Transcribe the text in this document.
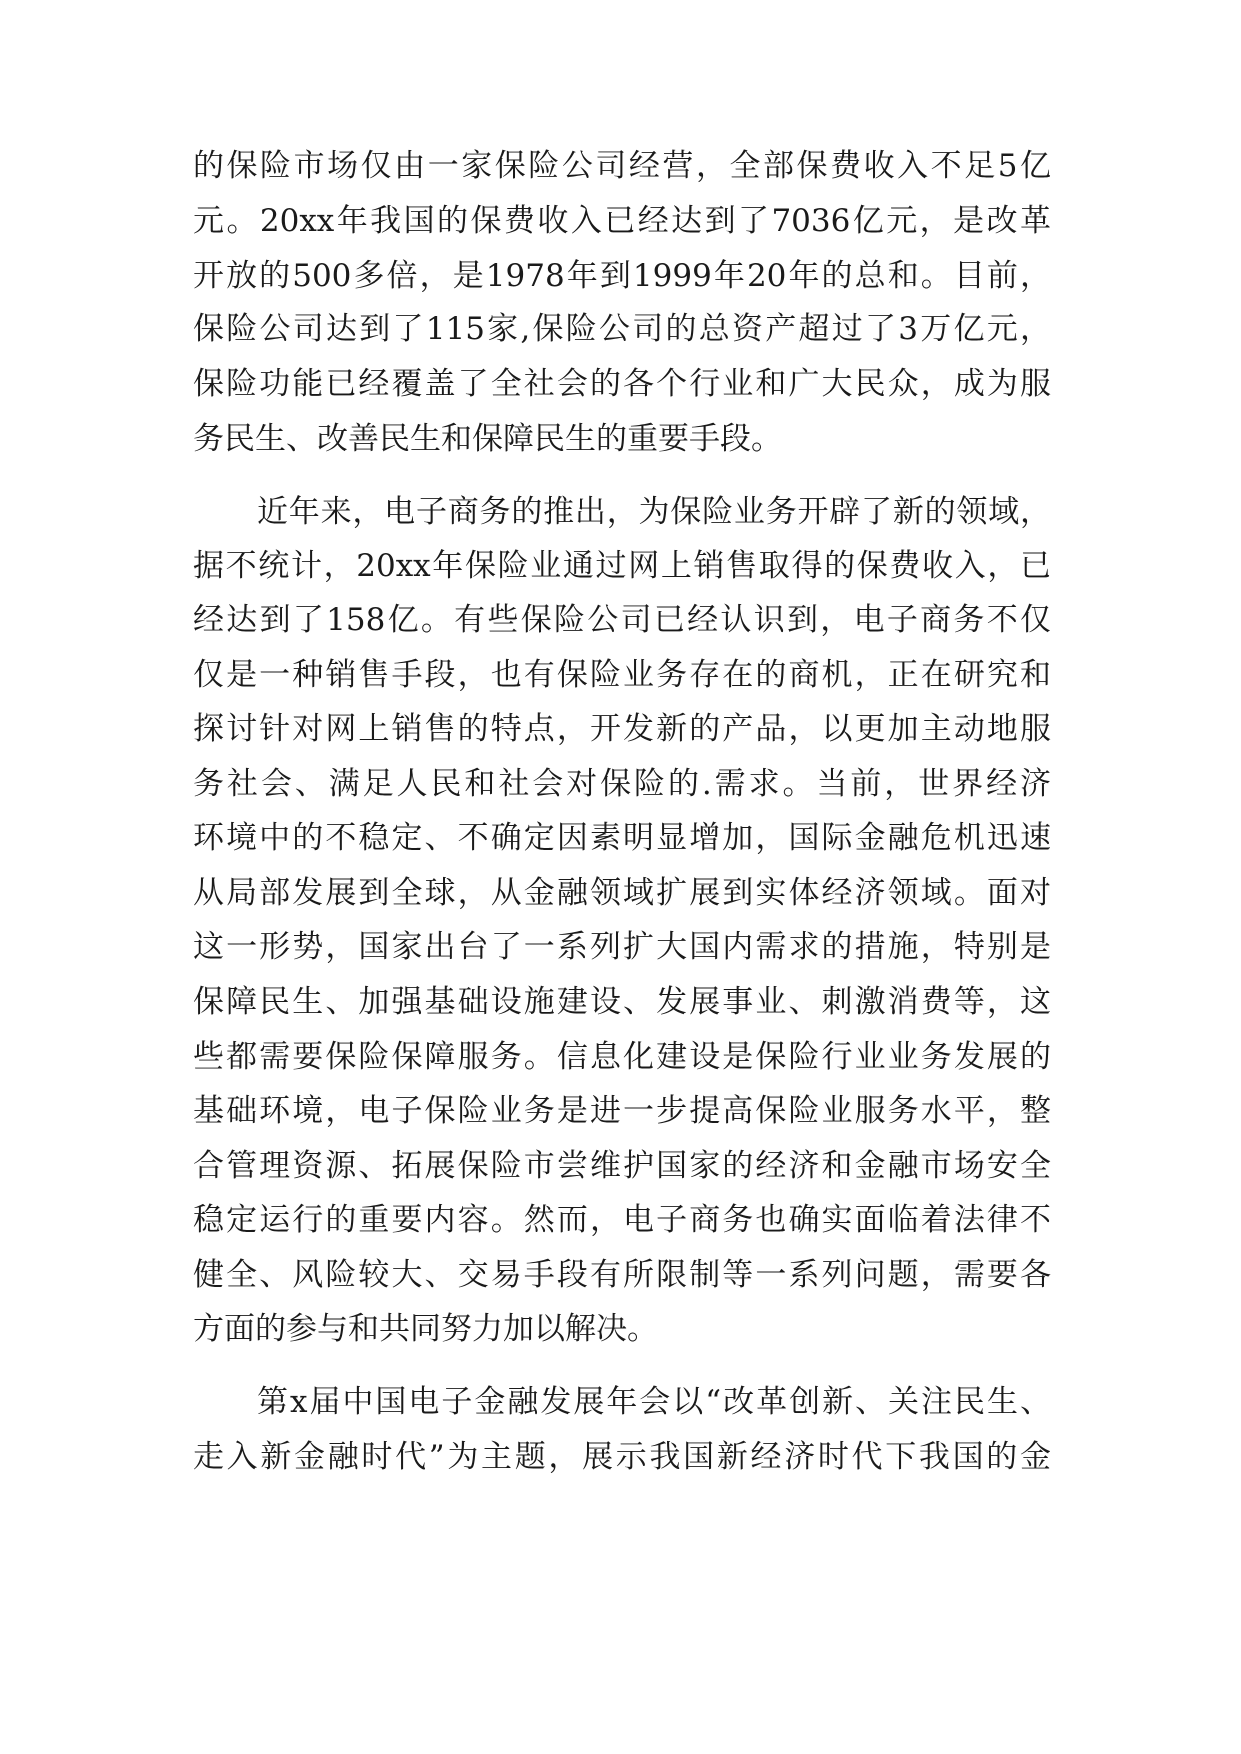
的保险市场仅由一家保险公司经营，全部保费收入不足5亿
元。20xx年我国的保费收入已经达到了7036亿元，是改革
开放的500多倍，是1978年到1999年20年的总和。目前，
保险公司达到了115家,保险公司的总资产超过了3万亿元，
保险功能已经覆盖了全社会的各个行业和广大民众，成为服
务民生、改善民生和保障民生的重要手段。
近年来，电子商务的推出，为保险业务开辟了新的领域，
据不统计，20xx年保险业通过网上销售取得的保费收入，已
经达到了158亿。有些保险公司已经认识到，电子商务不仅
仅是一种销售手段，也有保险业务存在的商机，正在研究和
探讨针对网上销售的特点，开发新的产品，以更加主动地服
务社会、满足人民和社会对保险的.需求。当前，世界经济
环境中的不稳定、不确定因素明显增加，国际金融危机迅速
从局部发展到全球，从金融领域扩展到实体经济领域。面对
这一形势，国家出台了一系列扩大国内需求的措施，特别是
保障民生、加强基础设施建设、发展事业、刺激消费等，这
些都需要保险保障服务。信息化建设是保险行业业务发展的
基础环境，电子保险业务是进一步提高保险业服务水平，整
合管理资源、拓展保险市尝维护国家的经济和金融市场安全
稳定运行的重要内容。然而，电子商务也确实面临着法律不
健全、风险较大、交易手段有所限制等一系列问题，需要各
方面的参与和共同努力加以解决。
第x届中国电子金融发展年会以“改革创新、关注民生、
走入新金融时代”为主题，展示我国新经济时代下我国的金
